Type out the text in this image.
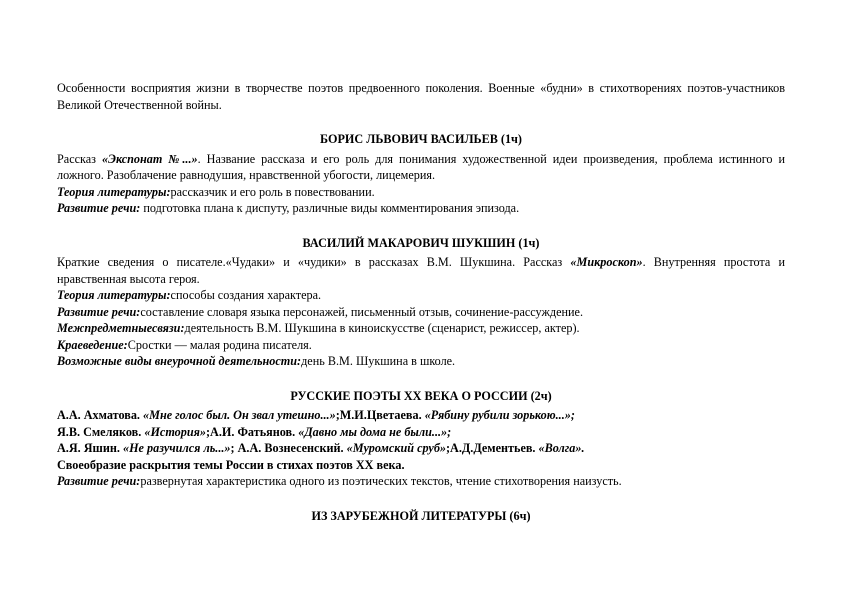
Особенности восприятия жизни в творчестве поэтов предвоенного поколения. Военные «будни» в стихотворениях поэтов-участников Великой Отечественной войны.

БОРИС ЛЬВОВИЧ ВАСИЛЬЕВ (1ч)

Рассказ «Экспонат №...». Название рассказа и его роль для понимания художественной идеи произведения, проблема истинного и ложного. Разоблачение равнодушия, нравственной убогости, лицемерия.

Теория литературы:рассказчик и его роль в повествовании.

Развитие речи: подготовка плана к диспуту, различные виды комментирования эпизода.

ВАСИЛИЙ МАКАРОВИЧ ШУКШИН (1ч)

Краткие сведения о писателе.«Чудаки» и «чудики» в рассказах В.М. Шукшина. Рассказ «Микроскоп». Внутренняя простота и нравственная высота героя.

Теория литературы:способы создания характера.

Развитие речи:составление словаря языка персонажей, письменный отзыв, сочинение-рассуждение.

Межпредметныесвязи:деятельность В.М. Шукшина в киноискусстве (сценарист, режиссер, актер).

Краеведение:Сростки — малая родина писателя.

Возможные виды внеурочной деятельности:день В.М. Шукшина в школе.

РУССКИЕ ПОЭТЫ XX ВЕКА О РОССИИ (2ч)

А.А. Ахматова. «Мне голос был. Он звал утешно...»;М.И.Цветаева. «Рябину рубили зорькою...»;

Я.В. Смеляков. «История»;А.И. Фатьянов. «Давно мы дома не были...»;

А.Я. Яшин. «Не разучился ль...»; А.А. Вознесенский. «Муромский сруб»;А.Д.Дементьев. «Волга».

Своеобразие раскрытия темы России в стихах поэтов XX века.

Развитие речи:развернутая характеристика одного из поэтических текстов, чтение стихотворения наизусть.

ИЗ ЗАРУБЕЖНОЙ ЛИТЕРАТУРЫ (6ч)
